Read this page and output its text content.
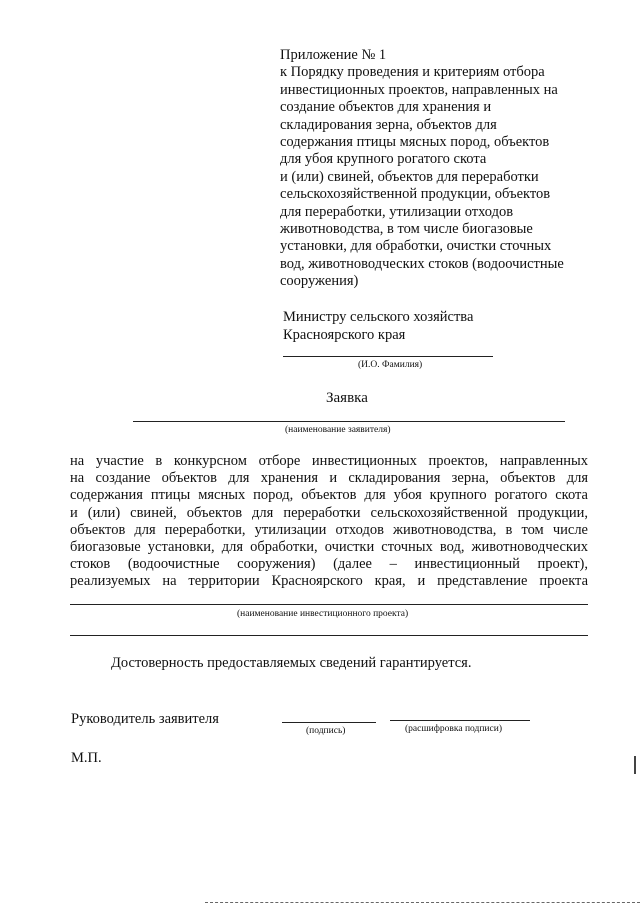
Приложение № 1
к Порядку проведения и критериям отбора
инвестиционных проектов, направленных на
создание объектов для хранения и
складирования зерна, объектов для
содержания птицы мясных пород, объектов
для убоя крупного рогатого скота
и (или) свиней, объектов для переработки
сельскохозяйственной продукции, объектов
для переработки, утилизации отходов
животноводства, в том числе биогазовые
установки, для обработки, очистки сточных
вод, животноводческих стоков (водоочистные
сооружения)
Министру сельского хозяйства
Красноярского края
(И.О. Фамилия)
Заявка
(наименование заявителя)
на участие в конкурсном отборе инвестиционных проектов, направленных
на создание объектов для хранения и складирования зерна, объектов для
содержания птицы мясных пород, объектов для убоя крупного рогатого скота
и (или) свиней, объектов для переработки сельскохозяйственной продукции,
объектов для переработки, утилизации отходов животноводства, в том числе
биогазовые установки, для обработки, очистки сточных вод, животноводческих
стоков (водоочистные сооружения) (далее – инвестиционный проект),
реализуемых на территории Красноярского края, и представление проекта
(наименование инвестиционного проекта)
Достоверность предоставляемых сведений гарантируется.
Руководитель заявителя
(подпись)	(расшифровка подписи)
М.П.
